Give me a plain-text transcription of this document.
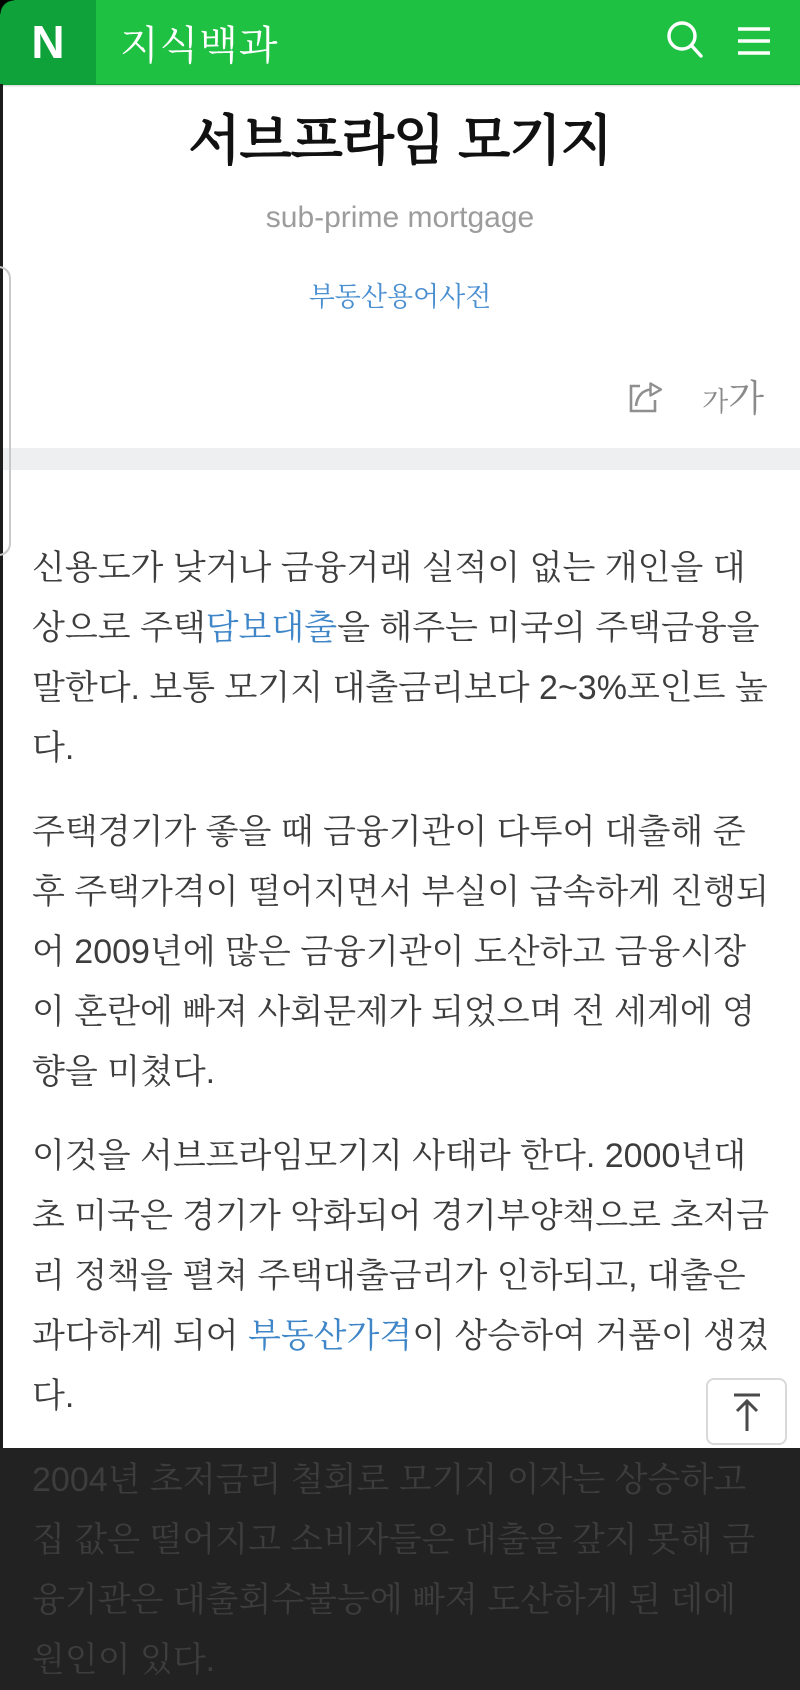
N 지식백과
서브프라임 모기지
sub-prime mortgage
부동산용어사전
가 가

신용도가 낮거나 금융거래 실적이 없는 개인을 대상으로 주택담보대출을 해주는 미국의 주택금융을 말한다. 보통 모기지 대출금리보다 2~3%포인트 높다.

주택경기가 좋을 때 금융기관이 다투어 대출해 준 후 주택가격이 떨어지면서 부실이 급속하게 진행되어 2009년에 많은 금융기관이 도산하고 금융시장이 혼란에 빠져 사회문제가 되었으며 전 세계에 영향을 미쳤다.

이것을 서브프라임모기지 사태라 한다. 2000년대 초 미국은 경기가 악화되어 경기부양책으로 초저금리 정책을 펼쳐 주택대출금리가 인하되고, 대출은 과다하게 되어 부동산가격이 상승하여 거품이 생겼다.

2004년 초저금리 철회로 모기지 이자는 상승하고 집 값은 떨어지고 소비자들은 대출을 갚지 못해 금융기관은 대출회수불능에 빠져 도산하게 된 데에 원인이 있다.
